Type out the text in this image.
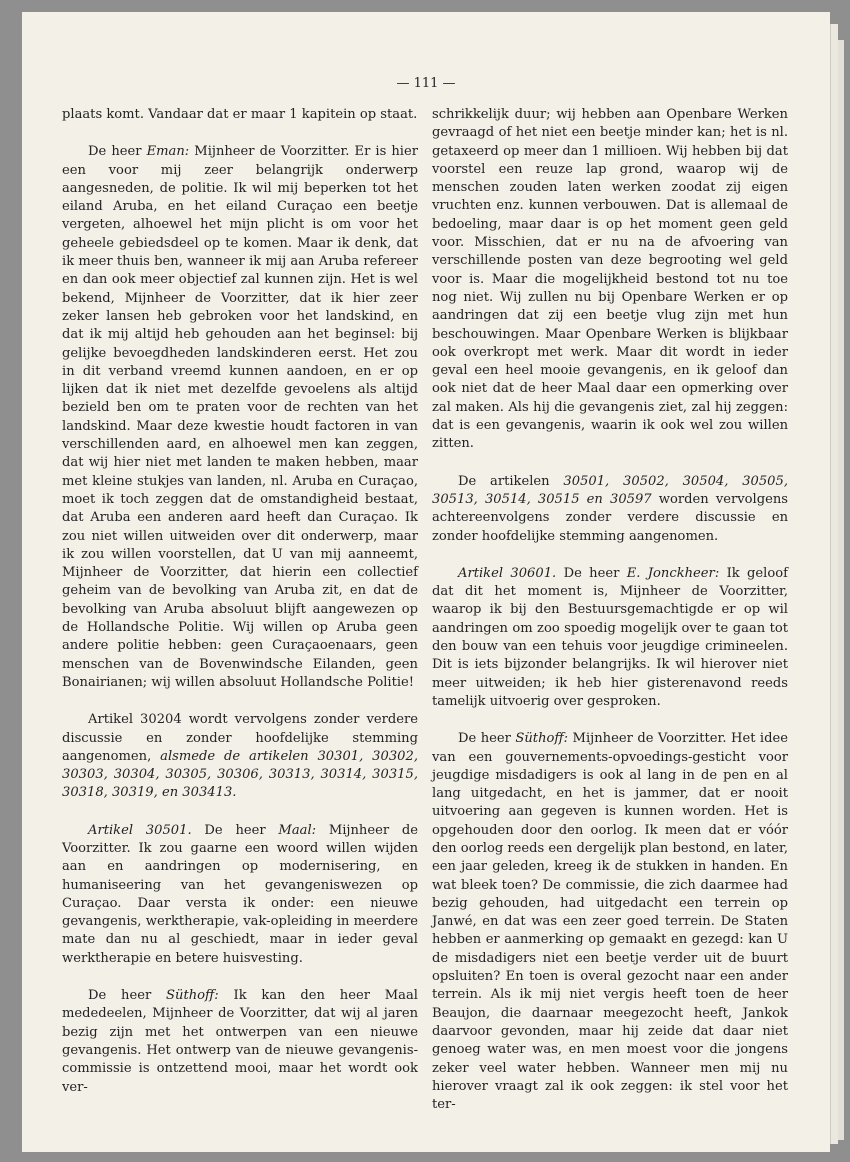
— 111 —

plaats komt. Vandaar dat er maar 1 kapitein op staat.

De heer Eman: Mijnheer de Voorzitter. Er is hier een voor mij zeer belangrijk onderwerp aangesneden, de politie. Ik wil mij beperken tot het eiland Aruba, en het eiland Curaçao een beetje vergeten, alhoewel het mijn plicht is om voor het geheele gebiedsdeel op te komen. Maar ik denk, dat ik meer thuis ben, wanneer ik mij aan Aruba refereer en dan ook meer objectief zal kunnen zijn. Het is wel bekend, Mijnheer de Voorzitter, dat ik hier zeer zeker lansen heb gebroken voor het landskind, en dat ik mij altijd heb gehouden aan het beginsel: bij gelijke bevoegdheden landskinderen eerst. Het zou in dit verband vreemd kunnen aandoen, en er op lijken dat ik niet met dezelfde gevoelens als altijd bezield ben om te praten voor de rechten van het landskind. Maar deze kwestie houdt factoren in van verschillenden aard, en alhoewel men kan zeggen, dat wij hier niet met landen te maken hebben, maar met kleine stukjes van landen, nl. Aruba en Curaçao, moet ik toch zeggen dat de omstandigheid bestaat, dat Aruba een anderen aard heeft dan Curaçao. Ik zou niet willen uitweiden over dit onderwerp, maar ik zou willen voorstellen, dat U van mij aanneemt, Mijnheer de Voorzitter, dat hierin een collectief geheim van de bevolking van Aruba zit, en dat de bevolking van Aruba absoluut blijft aangewezen op de Hollandsche Politie. Wij willen op Aruba geen andere politie hebben: geen Curaçaoenaars, geen menschen van de Bovenwindsche Eilanden, geen Bonairianen; wij willen absoluut Hollandsche Politie!

Artikel 30204 wordt vervolgens zonder verdere discussie en zonder hoofdelijke stemming aangenomen, alsmede de artikelen 30301, 30302, 30303, 30304, 30305, 30306, 30313, 30314, 30315, 30318, 30319, en 303413.

Artikel 30501. De heer Maal: Mijnheer de Voorzitter. Ik zou gaarne een woord willen wijden aan en aandringen op modernisering, en humaniseering van het gevangeniswezen op Curaçao. Daar versta ik onder: een nieuwe gevangenis, werktherapie, vak-opleiding in meerdere mate dan nu al geschiedt, maar in ieder geval werktherapie en betere huisvesting.

De heer Süthoff: Ik kan den heer Maal mededeelen, Mijnheer de Voorzitter, dat wij al jaren bezig zijn met het ontwerpen van een nieuwe gevangenis. Het ontwerp van de nieuwe gevangenis-commissie is ontzettend mooi, maar het wordt ook ver-

schrikkelijk duur; wij hebben aan Openbare Werken gevraagd of het niet een beetje minder kan; het is nl. getaxeerd op meer dan 1 millioen. Wij hebben bij dat voorstel een reuze lap grond, waarop wij de menschen zouden laten werken zoodat zij eigen vruchten enz. kunnen verbouwen. Dat is allemaal de bedoeling, maar daar is op het moment geen geld voor. Misschien, dat er nu na de afvoering van verschillende posten van deze begrooting wel geld voor is. Maar die mogelijkheid bestond tot nu toe nog niet. Wij zullen nu bij Openbare Werken er op aandringen dat zij een beetje vlug zijn met hun beschouwingen. Maar Openbare Werken is blijkbaar ook overkropt met werk. Maar dit wordt in ieder geval een heel mooie gevangenis, en ik geloof dan ook niet dat de heer Maal daar een opmerking over zal maken. Als hij die gevangenis ziet, zal hij zeggen: dat is een gevangenis, waarin ik ook wel zou willen zitten.

De artikelen 30501, 30502, 30504, 30505, 30513, 30514, 30515 en 30597 worden vervolgens achtereenvolgens zonder verdere discussie en zonder hoofdelijke stemming aangenomen.

Artikel 30601. De heer E. Jonckheer: Ik geloof dat dit het moment is, Mijnheer de Voorzitter, waarop ik bij den Bestuursgemachtigde er op wil aandringen om zoo spoedig mogelijk over te gaan tot den bouw van een tehuis voor jeugdige crimineelen. Dit is iets bijzonder belangrijks. Ik wil hierover niet meer uitweiden; ik heb hier gisterenavond reeds tamelijk uitvoerig over gesproken.

De heer Süthoff: Mijnheer de Voorzitter. Het idee van een gouvernements-opvoedings-gesticht voor jeugdige misdadigers is ook al lang in de pen en al lang uitgedacht, en het is jammer, dat er nooit uitvoering aan gegeven is kunnen worden. Het is opgehouden door den oorlog. Ik meen dat er vóór den oorlog reeds een dergelijk plan bestond, en later, een jaar geleden, kreeg ik de stukken in handen. En wat bleek toen? De commissie, die zich daarmee had bezig gehouden, had uitgedacht een terrein op Janwé, en dat was een zeer goed terrein. De Staten hebben er aanmerking op gemaakt en gezegd: kan U de misdadigers niet een beetje verder uit de buurt opsluiten? En toen is overal gezocht naar een ander terrein. Als ik mij niet vergis heeft toen de heer Beaujon, die daarnaar meegezocht heeft, Jankok daarvoor gevonden, maar hij zeide dat daar niet genoeg water was, en men moest voor die jongens zeker veel water hebben. Wanneer men mij nu hierover vraagt zal ik ook zeggen: ik stel voor het ter-
